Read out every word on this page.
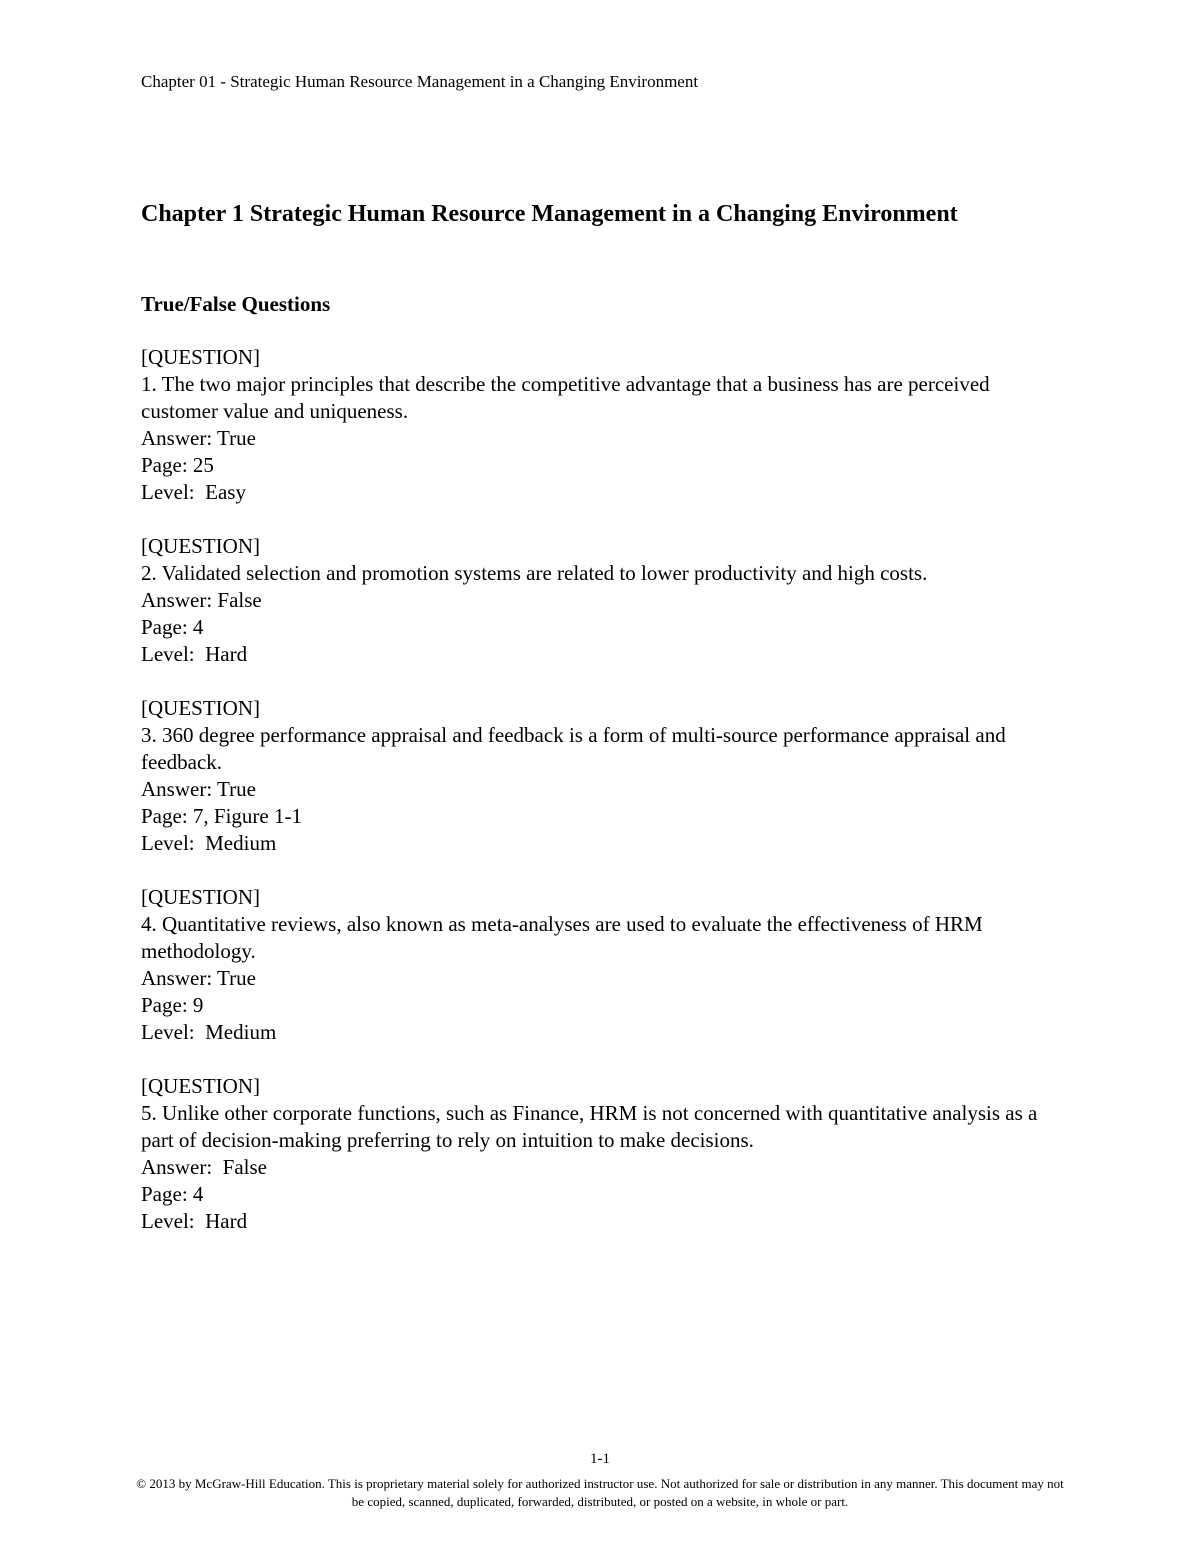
Chapter 01 - Strategic Human Resource Management in a Changing Environment
Chapter 1 Strategic Human Resource Management in a Changing Environment
True/False Questions
[QUESTION]
1. The two major principles that describe the competitive advantage that a business has are perceived customer value and uniqueness.
Answer: True
Page: 25
Level:  Easy
[QUESTION]
2. Validated selection and promotion systems are related to lower productivity and high costs.
Answer: False
Page: 4
Level:  Hard
[QUESTION]
3. 360 degree performance appraisal and feedback is a form of multi-source performance appraisal and feedback.
Answer: True
Page: 7, Figure 1-1
Level:  Medium
[QUESTION]
4. Quantitative reviews, also known as meta-analyses are used to evaluate the effectiveness of HRM methodology.
Answer: True
Page: 9
Level:  Medium
[QUESTION]
5. Unlike other corporate functions, such as Finance, HRM is not concerned with quantitative analysis as a part of decision-making preferring to rely on intuition to make decisions.
Answer:  False
Page: 4
Level:  Hard
1-1
© 2013 by McGraw-Hill Education. This is proprietary material solely for authorized instructor use. Not authorized for sale or distribution in any manner. This document may not be copied, scanned, duplicated, forwarded, distributed, or posted on a website, in whole or part.
